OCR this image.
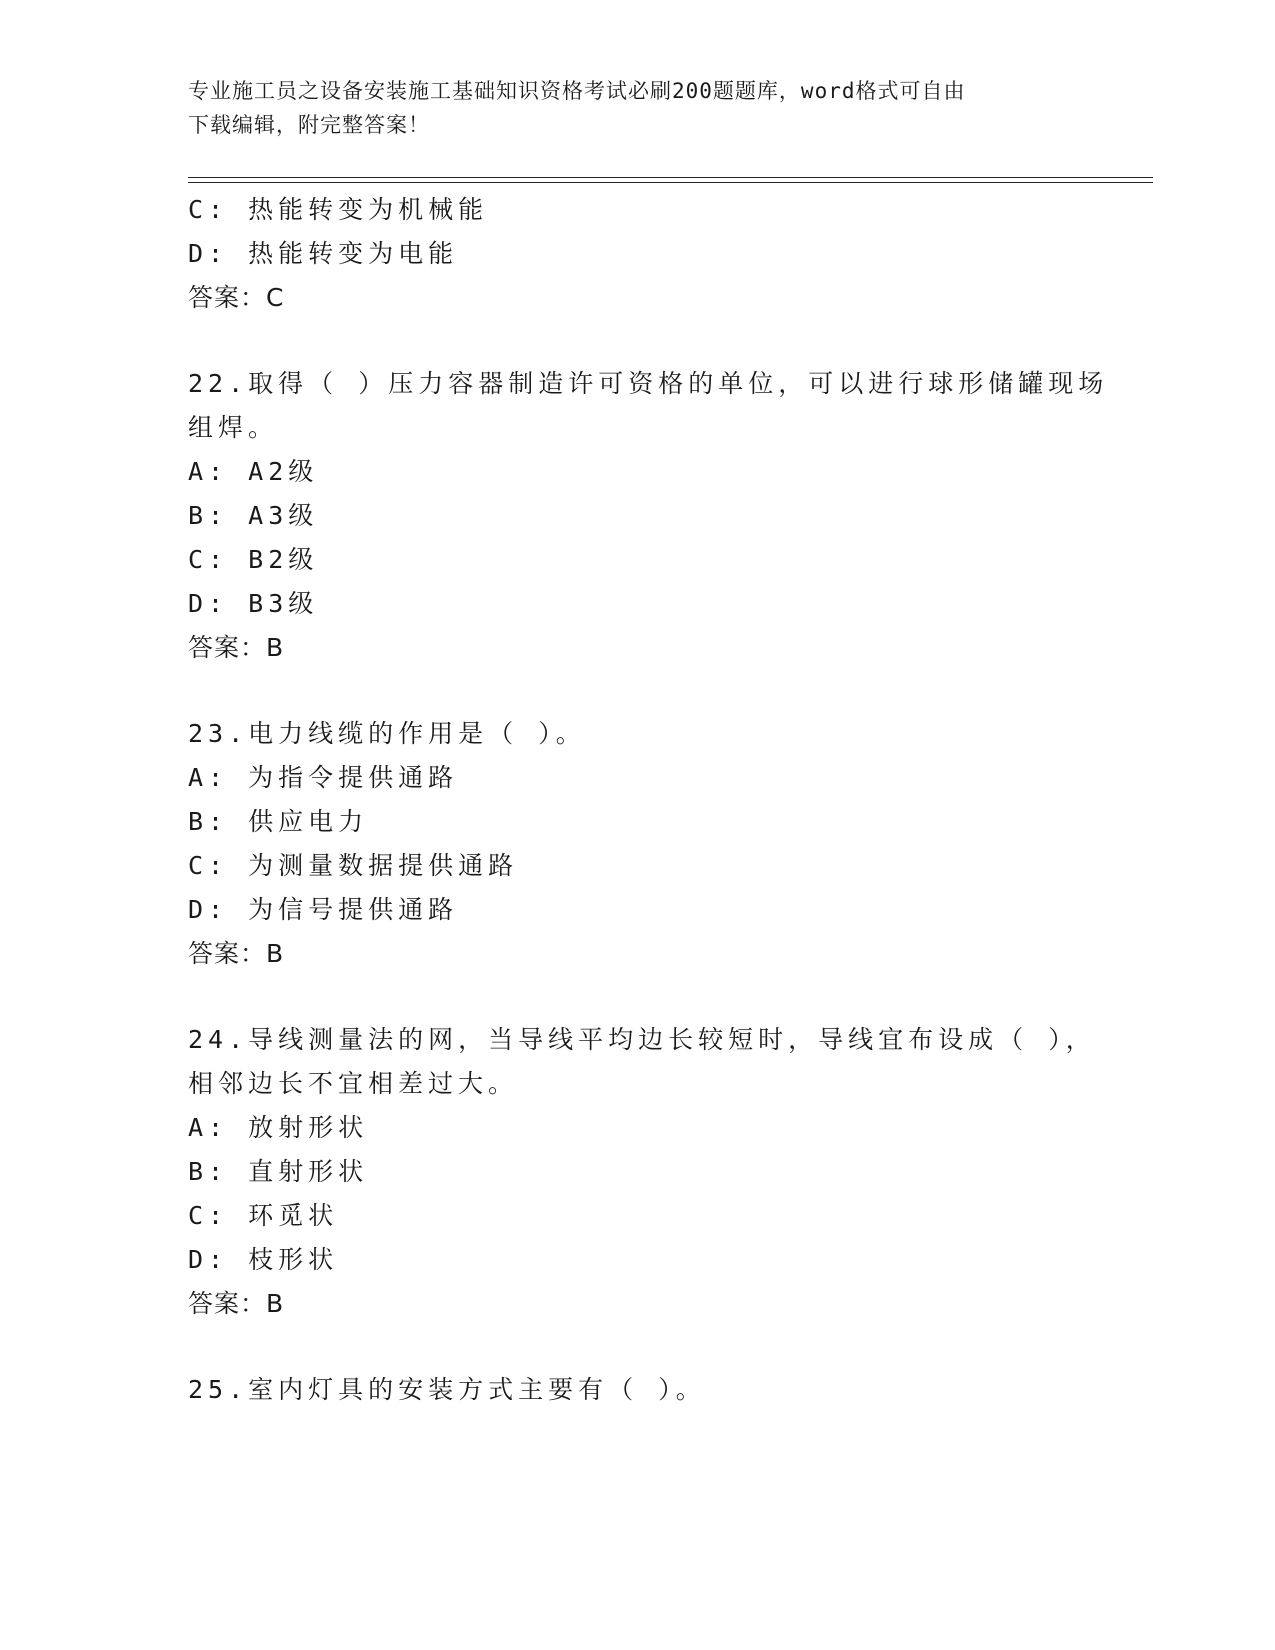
专业施工员之设备安装施工基础知识资格考试必刷200题题库，word格式可自由
下载编辑，附完整答案！
C: 热能转变为机械能
D: 热能转变为电能
答案：C
22.取得（ ）压力容器制造许可资格的单位，可以进行球形储罐现场
组焊。
A: A2级
B: A3级
C: B2级
D: B3级
答案：B
23.电力线缆的作用是（ ）。
A: 为指令提供通路
B: 供应电力
C: 为测量数据提供通路
D: 为信号提供通路
答案：B
24.导线测量法的网，当导线平均边长较短时，导线宜布设成（ ），
相邻边长不宜相差过大。
A: 放射形状
B: 直射形状
C: 环觅状
D: 枝形状
答案：B
25.室内灯具的安装方式主要有（ ）。
